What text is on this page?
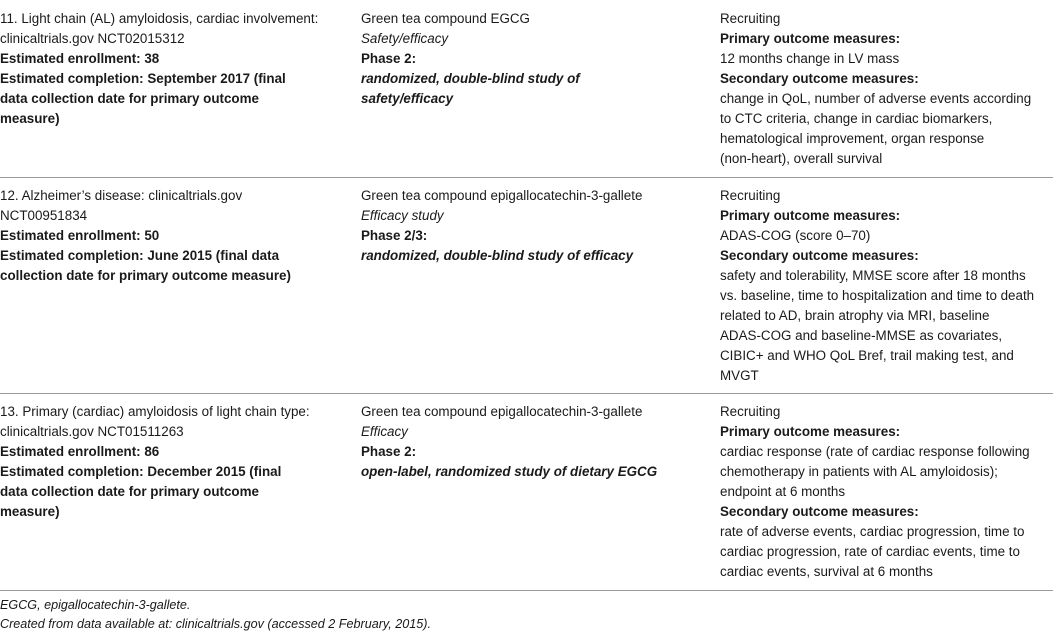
11. Light chain (AL) amyloidosis, cardiac involvement:
clinicaltrials.gov NCT02015312
Estimated enrollment: 38
Estimated completion: September 2017 (final
data collection date for primary outcome
measure)
Green tea compound EGCG
Safety/efficacy
Phase 2:
randomized, double-blind study of
safety/efficacy
Recruiting
Primary outcome measures:
12 months change in LV mass
Secondary outcome measures:
change in QoL, number of adverse events according
to CTC criteria, change in cardiac biomarkers,
hematological improvement, organ response
(non-heart), overall survival
12. Alzheimer’s disease: clinicaltrials.gov
NCT00951834
Estimated enrollment: 50
Estimated completion: June 2015 (final data
collection date for primary outcome measure)
Green tea compound epigallocatechin-3-gallete
Efficacy study
Phase 2/3:
randomized, double-blind study of efficacy
Recruiting
Primary outcome measures:
ADAS-COG (score 0–70)
Secondary outcome measures:
safety and tolerability, MMSE score after 18 months
vs. baseline, time to hospitalization and time to death
related to AD, brain atrophy via MRI, baseline
ADAS-COG and baseline-MMSE as covariates,
CIBIC+ and WHO QoL Bref, trail making test, and
MVGT
13. Primary (cardiac) amyloidosis of light chain type:
clinicaltrials.gov NCT01511263
Estimated enrollment: 86
Estimated completion: December 2015 (final
data collection date for primary outcome
measure)
Green tea compound epigallocatechin-3-gallete
Efficacy
Phase 2:
open-label, randomized study of dietary EGCG
Recruiting
Primary outcome measures:
cardiac response (rate of cardiac response following
chemotherapy in patients with AL amyloidosis);
endpoint at 6 months
Secondary outcome measures:
rate of adverse events, cardiac progression, time to
cardiac progression, rate of cardiac events, time to
cardiac events, survival at 6 months
EGCG, epigallocatechin-3-gallete.
Created from data available at: clinicaltrials.gov (accessed 2 February, 2015).
